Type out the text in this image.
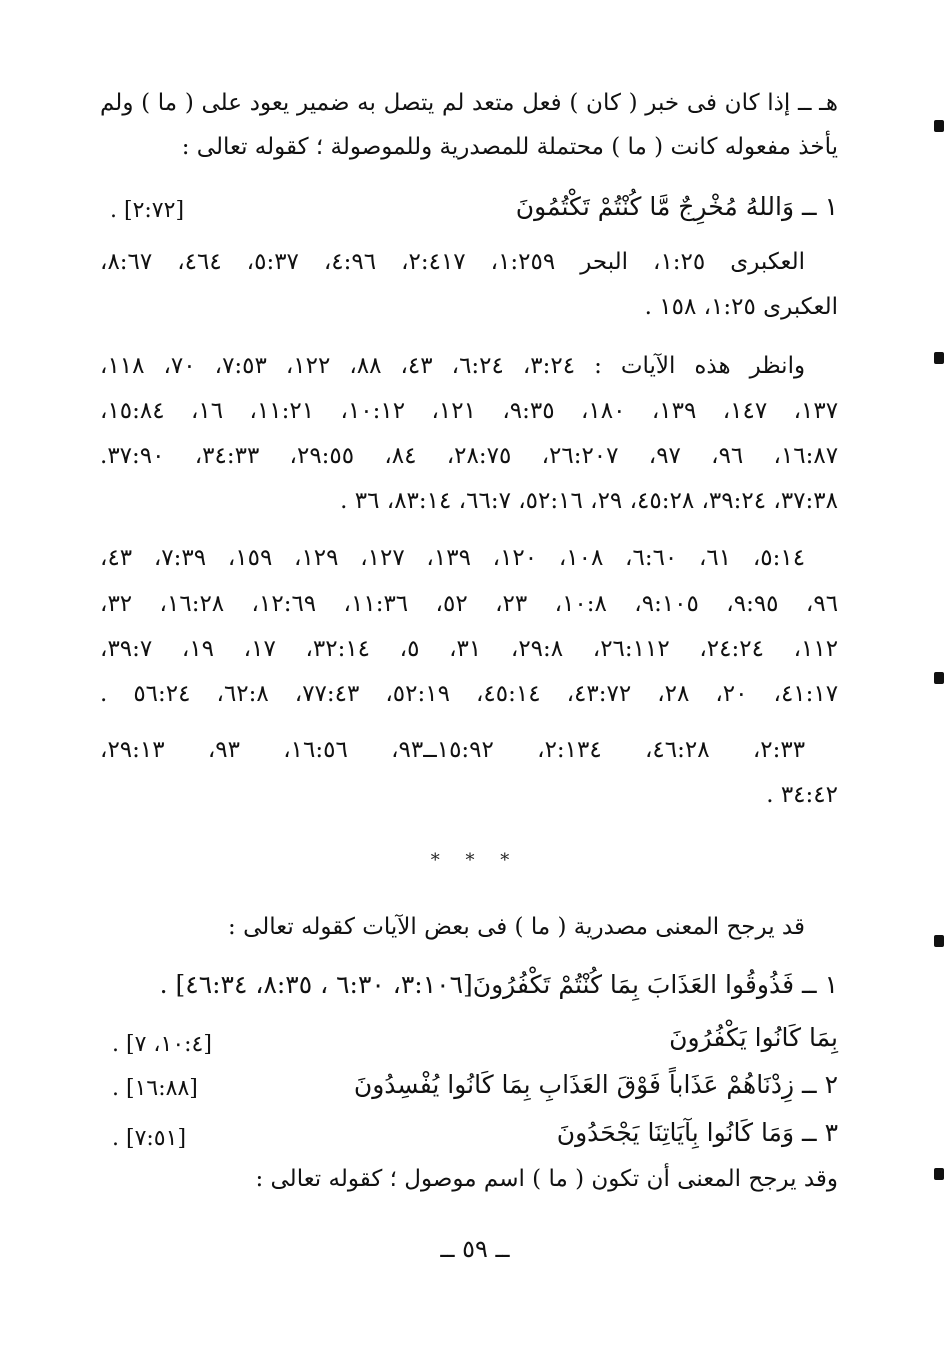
هـ ــ إذا كان فى خبر ( كان ) فعل متعد لم يتصل به ضمير يعود على ( ما ) ولم
يأخذ مفعوله كانت ( ما ) محتملة للمصدرية وللموصولة ؛ كقوله تعالى :
١ ــ وَاللهُ مُخْرِجٌ مَّا كُنْتُمْ تَكْتُمُونَ
[٢:٧٢] .
العكبرى ١:٢٥، البحر ١:٢٥٩، ٢:٤١٧، ٤:٩٦، ٥:٣٧، ٤٦٤، ٨:٦٧،
العكبرى ١:٢٥، ١٥٨ .
وانظر هذه الآيات : ٣:٢٤، ٦:٢٤، ٤٣، ٨٨، ١٢٢، ٧:٥٣، ٧٠، ١١٨،
١٣٧، ١٤٧، ١٣٩، ١٨٠، ٩:٣٥، ١٢١، ١٠:١٢، ١١:٢١، ١٦، ١٥:٨٤،
١٦:٨٧، ٩٦، ٩٧، ٢٦:٢٠٧، ٢٨:٧٥، ٨٤، ٢٩:٥٥، ٣٤:٣٣، ٣٧:٩٠.
٣٧:٣٨، ٣٩:٢٤، ٤٥:٢٨، ٢٩، ٥٢:١٦، ٦٦:٧، ٨٣:١٤، ٣٦ .
٥:١٤، ٦١، ٦:٦٠، ١٠٨، ١٢٠، ١٣٩، ١٢٧، ١٢٩، ١٥٩، ٧:٣٩، ٤٣،
٩٦، ٩:٩٥، ٩:١٠٥، ١٠:٨، ٢٣، ٥٢، ١١:٣٦، ١٢:٦٩، ١٦:٢٨، ٣٢،
١١٢، ٢٤:٢٤، ٢٦:١١٢، ٢٩:٨، ٣١، ٥، ٣٢:١٤، ١٧، ١٩، ٣٩:٧،
٤١:١٧، ٢٠، ٢٨، ٤٣:٧٢، ٤٥:١٤، ٥٢:١٩، ٧٧:٤٣، ٦٢:٨، ٥٦:٢٤ .
٢:٣٣، ٤٦:٢٨، ٢:١٣٤، ١٥:٩٢ــ٩٣، ١٦:٥٦، ٩٣، ٢٩:١٣،
٣٤:٤٢ .
* * *
قد يرجح المعنى مصدرية ( ما ) فى بعض الآيات كقوله تعالى :
١ ــ فَذُوقُوا العَذَابَ بِمَا كُنْتُمْ تَكْفُرُونَ[٣:١٠٦، ٦:٣٠ ، ٨:٣٥، ٤٦:٣٤] .
بِمَا كَانُوا يَكْفُرُونَ
[١٠:٤، ٧] .
٢ ــ زِدْنَاهُمْ عَذَاباً فَوْقَ العَذَابِ بِمَا كَانُوا يُفْسِدُونَ
[١٦:٨٨] .
٣ ــ وَمَا كَانُوا بِآيَاتِنَا يَجْحَدُونَ
[٧:٥١] .
وقد يرجح المعنى أن تكون ( ما ) اسم موصول ؛ كقوله تعالى :
ــ ٥٩ ــ
